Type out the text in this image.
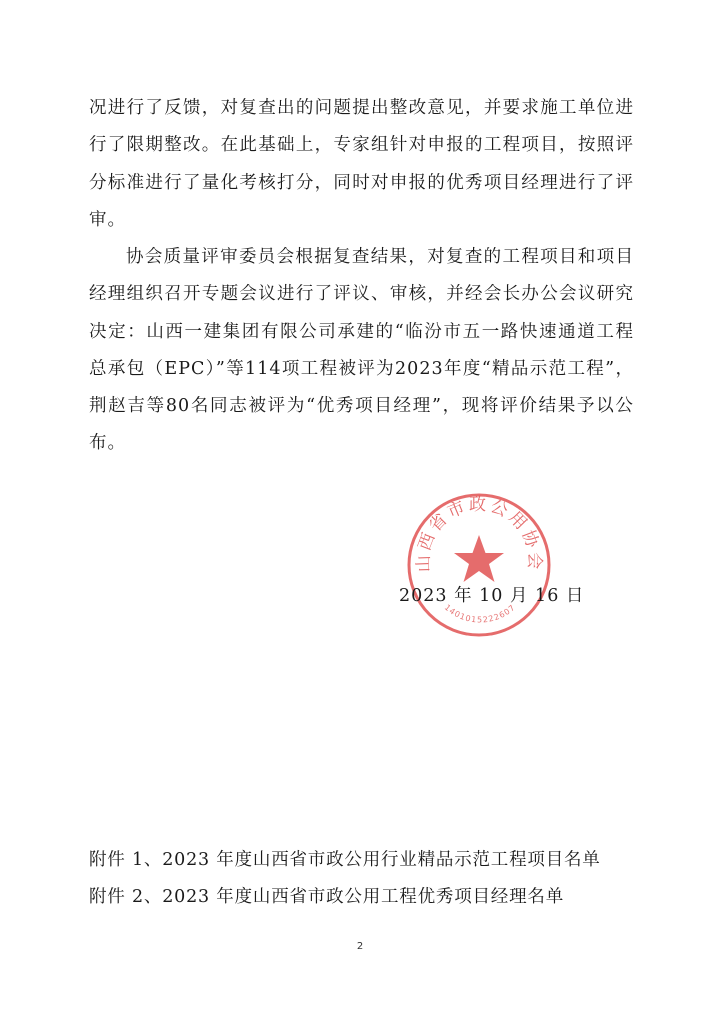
况进行了反馈，对复查出的问题提出整改意见，并要求施工单位进行了限期整改。在此基础上，专家组针对申报的工程项目，按照评分标准进行了量化考核打分，同时对申报的优秀项目经理进行了评审。

协会质量评审委员会根据复查结果，对复查的工程项目和项目经理组织召开专题会议进行了评议、审核，并经会长办公会议研究决定：山西一建集团有限公司承建的“临汾市五一路快速通道工程总承包（EPC）”等114项工程被评为2023年度“精品示范工程”，荆赵吉等80名同志被评为“优秀项目经理”，现将评价结果予以公布。

山西省市政公用协会
1401015222607
2023 年 10 月 16 日
附件 1、2023 年度山西省市政公用行业精品示范工程项目名单
附件 2、2023 年度山西省市政公用工程优秀项目经理名单
2
